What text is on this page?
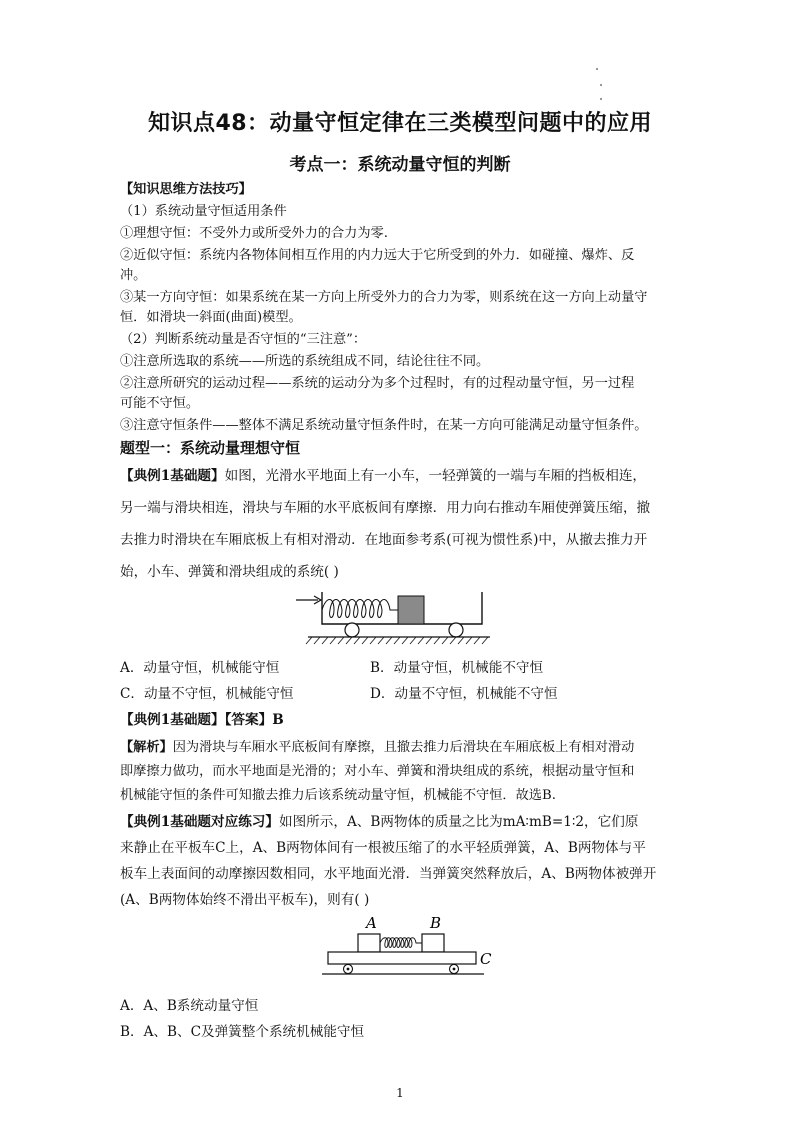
知识点48：动量守恒定律在三类模型问题中的应用
考点一：系统动量守恒的判断
【知识思维方法技巧】
（1）系统动量守恒适用条件
①理想守恒：不受外力或所受外力的合力为零.
②近似守恒：系统内各物体间相互作用的内力远大于它所受到的外力．如碰撞、爆炸、反
冲。
③某一方向守恒：如果系统在某一方向上所受外力的合力为零，则系统在这一方向上动量守
恒．如滑块一斜面(曲面)模型。
（2）判断系统动量是否守恒的“三注意”：
①注意所选取的系统——所选的系统组成不同，结论往往不同。
②注意所研究的运动过程——系统的运动分为多个过程时，有的过程动量守恒，另一过程
可能不守恒。
③注意守恒条件——整体不满足系统动量守恒条件时，在某一方向可能满足动量守恒条件。
题型一：系统动量理想守恒
【典例1基础题】如图，光滑水平地面上有一小车，一轻弹簧的一端与车厢的挡板相连，
另一端与滑块相连，滑块与车厢的水平底板间有摩擦．用力向右推动车厢使弹簧压缩，撤
去推力时滑块在车厢底板上有相对滑动．在地面参考系(可视为惯性系)中，从撤去推力开
始，小车、弹簧和滑块组成的系统( )
A．动量守恒，机械能守恒	B．动量守恒，机械能不守恒
C．动量不守恒，机械能守恒	D．动量不守恒，机械能不守恒
【典例1基础题】【答案】B
【解析】因为滑块与车厢水平底板间有摩擦，且撤去推力后滑块在车厢底板上有相对滑动
即摩擦力做功，而水平地面是光滑的；对小车、弹簧和滑块组成的系统，根据动量守恒和
机械能守恒的条件可知撤去推力后该系统动量守恒，机械能不守恒．故选B.
【典例1基础题对应练习】如图所示，A、B两物体的质量之比为mA∶mB=1∶2，它们原
来静止在平板车C上，A、B两物体间有一根被压缩了的水平轻质弹簧，A、B两物体与平
板车上表面间的动摩擦因数相同，水平地面光滑．当弹簧突然释放后，A、B两物体被弹开
(A、B两物体始终不滑出平板车)，则有( )
A	B
C
A．A、B系统动量守恒
B．A、B、C及弹簧整个系统机械能守恒
1
